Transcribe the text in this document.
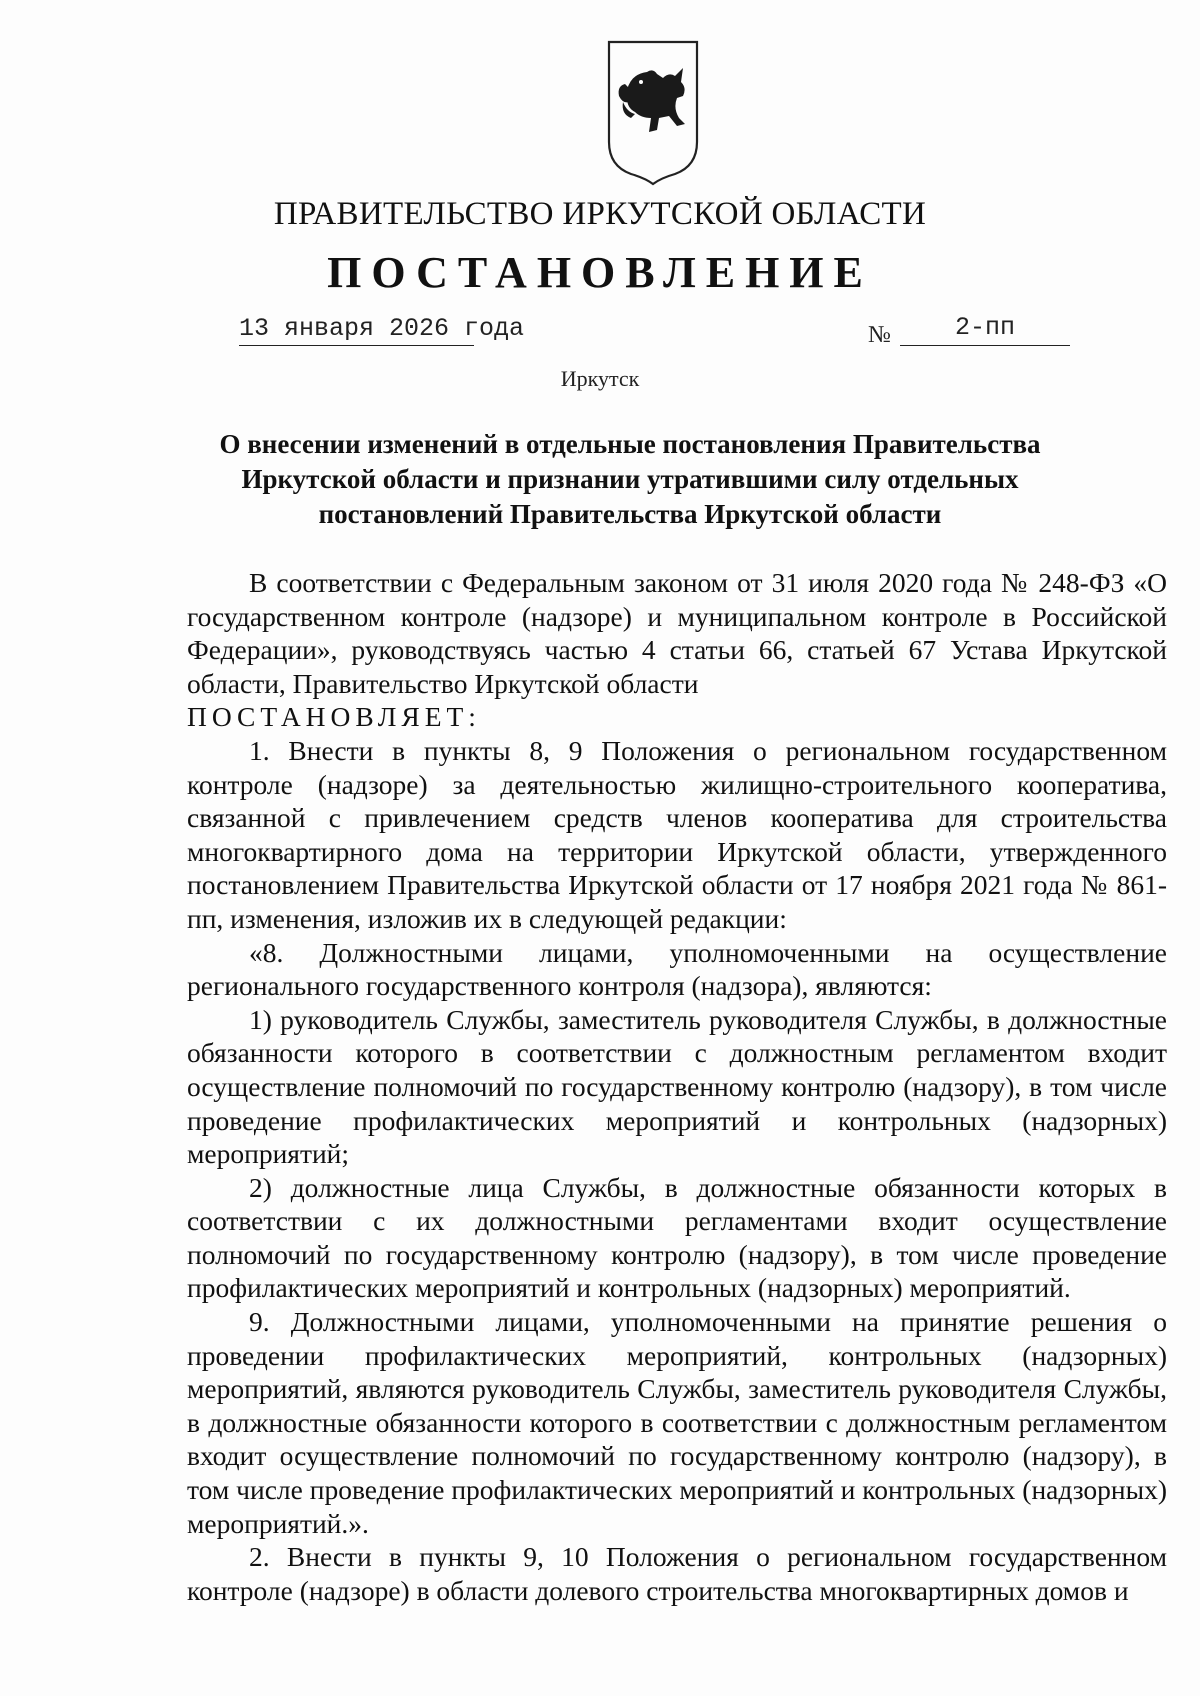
ПРАВИТЕЛЬСТВО ИРКУТСКОЙ ОБЛАСТИ
ПОСТАНОВЛЕНИЕ
13 января 2026 года	№	2-пп
Иркутск
О внесении изменений в отдельные постановления Правительства
Иркутской области и признании утратившими силу отдельных
постановлений Правительства Иркутской области

В соответствии с Федеральным законом от 31 июля 2020 года № 248-ФЗ «О государственном контроле (надзоре) и муниципальном контроле в Российской Федерации», руководствуясь частью 4 статьи 66, статьей 67 Устава Иркутской области, Правительство Иркутской области

ПОСТАНОВЛЯЕТ:

1. Внести в пункты 8, 9 Положения о региональном государственном контроле (надзоре) за деятельностью жилищно-строительного кооператива, связанной с привлечением средств членов кооператива для строительства многоквартирного дома на территории Иркутской области, утвержденного постановлением Правительства Иркутской области от 17 ноября 2021 года № 861-пп, изменения, изложив их в следующей редакции:

«8. Должностными лицами, уполномоченными на осуществление регионального государственного контроля (надзора), являются:

1) руководитель Службы, заместитель руководителя Службы, в должностные обязанности которого в соответствии с должностным регламентом входит осуществление полномочий по государственному контролю (надзору), в том числе проведение профилактических мероприятий и контрольных (надзорных) мероприятий;

2) должностные лица Службы, в должностные обязанности которых в соответствии с их должностными регламентами входит осуществление полномочий по государственному контролю (надзору), в том числе проведение профилактических мероприятий и контрольных (надзорных) мероприятий.

9. Должностными лицами, уполномоченными на принятие решения о проведении профилактических мероприятий, контрольных (надзорных) мероприятий, являются руководитель Службы, заместитель руководителя Службы, в должностные обязанности которого в соответствии с должностным регламентом входит осуществление полномочий по государственному контролю (надзору), в том числе проведение профилактических мероприятий и контрольных (надзорных) мероприятий.».

2. Внести в пункты 9, 10 Положения о региональном государственном контроле (надзоре) в области долевого строительства многоквартирных домов и
